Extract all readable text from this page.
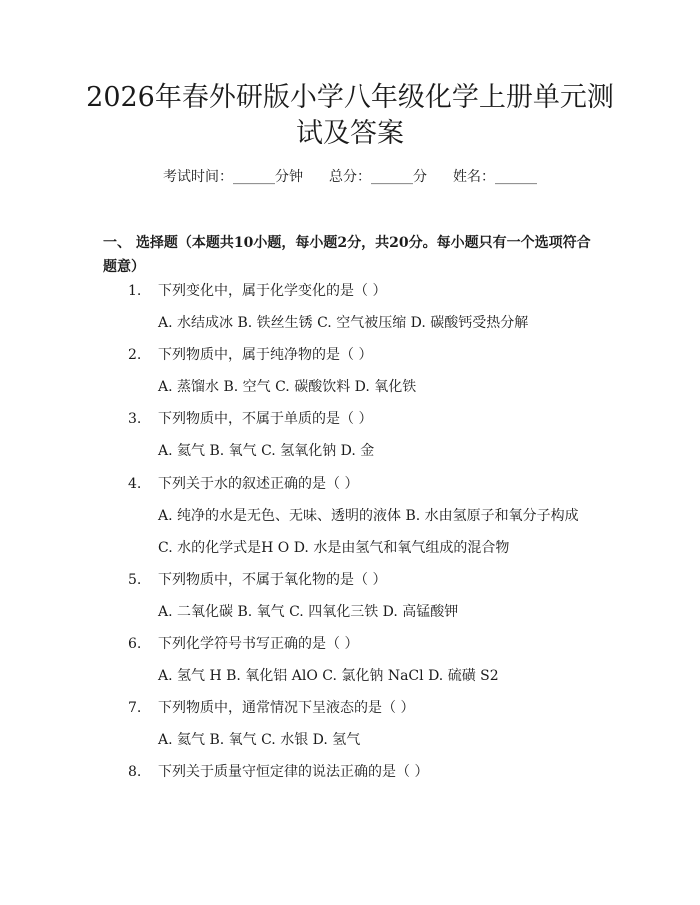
2026年春外研版小学八年级化学上册单元测试及答案
考试时间：______分钟 总分：______分 姓名：______
一、 选择题（本题共10小题，每小题2分，共20分。每小题只有一个选项符合题意）
1. 下列变化中，属于化学变化的是（ ）
A. 水结成冰 B. 铁丝生锈 C. 空气被压缩 D. 碳酸钙受热分解
2. 下列物质中，属于纯净物的是（ ）
A. 蒸馏水 B. 空气 C. 碳酸饮料 D. 氧化铁
3. 下列物质中，不属于单质的是（ ）
A. 氦气 B. 氧气 C. 氢氧化钠 D. 金
4. 下列关于水的叙述正确的是（ ）
A. 纯净的水是无色、无味、透明的液体 B. 水由氢原子和氧分子构成
C. 水的化学式是H O D. 水是由氢气和氧气组成的混合物
5. 下列物质中，不属于氧化物的是（ ）
A. 二氧化碳 B. 氧气 C. 四氧化三铁 D. 高锰酸钾
6. 下列化学符号书写正确的是（ ）
A. 氢气 H B. 氧化铝 AlO C. 氯化钠 NaCl D. 硫磺 S2
7. 下列物质中，通常情况下呈液态的是（ ）
A. 氦气 B. 氧气 C. 水银 D. 氢气
8. 下列关于质量守恒定律的说法正确的是（ ）
